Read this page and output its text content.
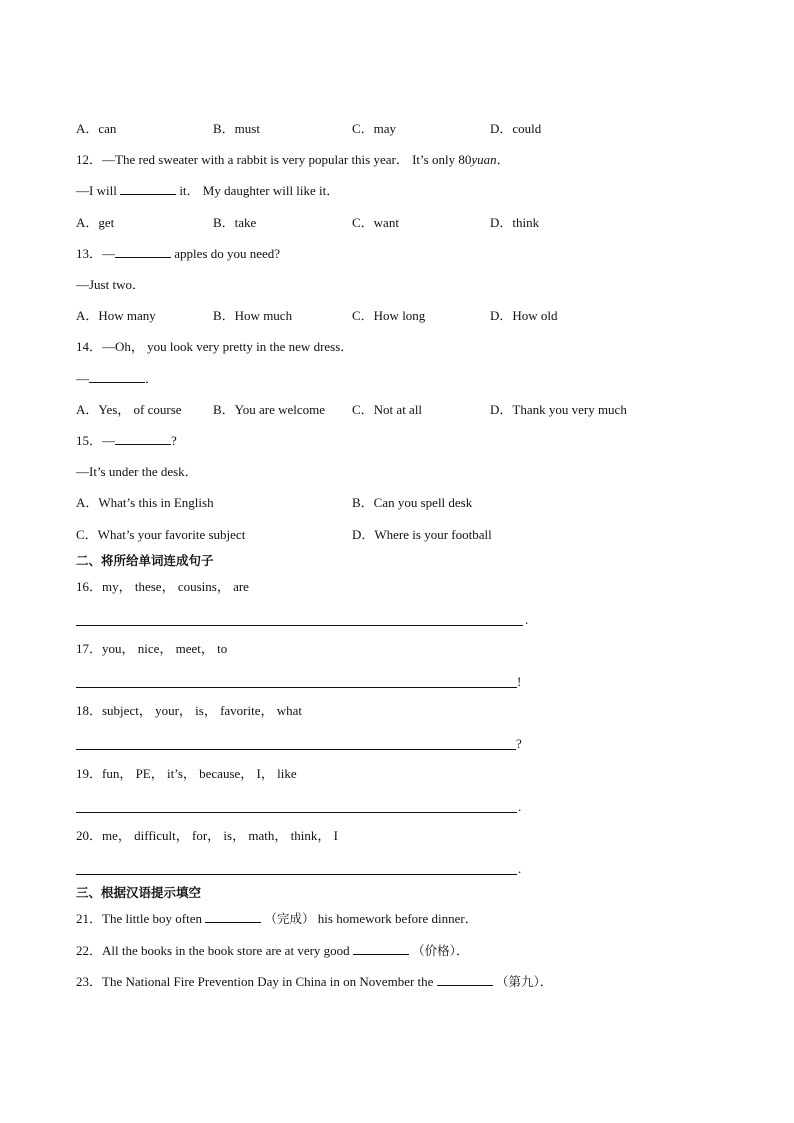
A．can	B．must	C．may	D．could
12．—The red sweater with a rabbit is very popular this year． It’s only 80yuan．
—I will	it． My daughter will like it．
A．get	B．take	C．want	D．think
13．—	apples do you need?
—Just two．
A．How many	B．How much	C．How long	D．How old
14．—Oh， you look very pretty in the new dress．
—	．
A．Yes， of course B．You are welcome C．Not at all	D．Thank you very much
15．—	?
—It’s under the desk．
A．What’s this in English	B．Can you spell desk
C．What’s your favorite subject	D．Where is your football
二、将所给单词连成句子
16．my， these， cousins， are
.
17．you， nice， meet， to
!
18．subject， your， is， favorite， what
?
19．fun， PE， it’s， because， I， like
.
20．me， difficult， for， is， math， think， I
.
三、根据汉语提示填空
21．The little boy often	（完成） his homework before dinner．
22．All the books in the book store are at very good	（价格）．
23．The National Fire Prevention Day in China in on November the	（第九）．
